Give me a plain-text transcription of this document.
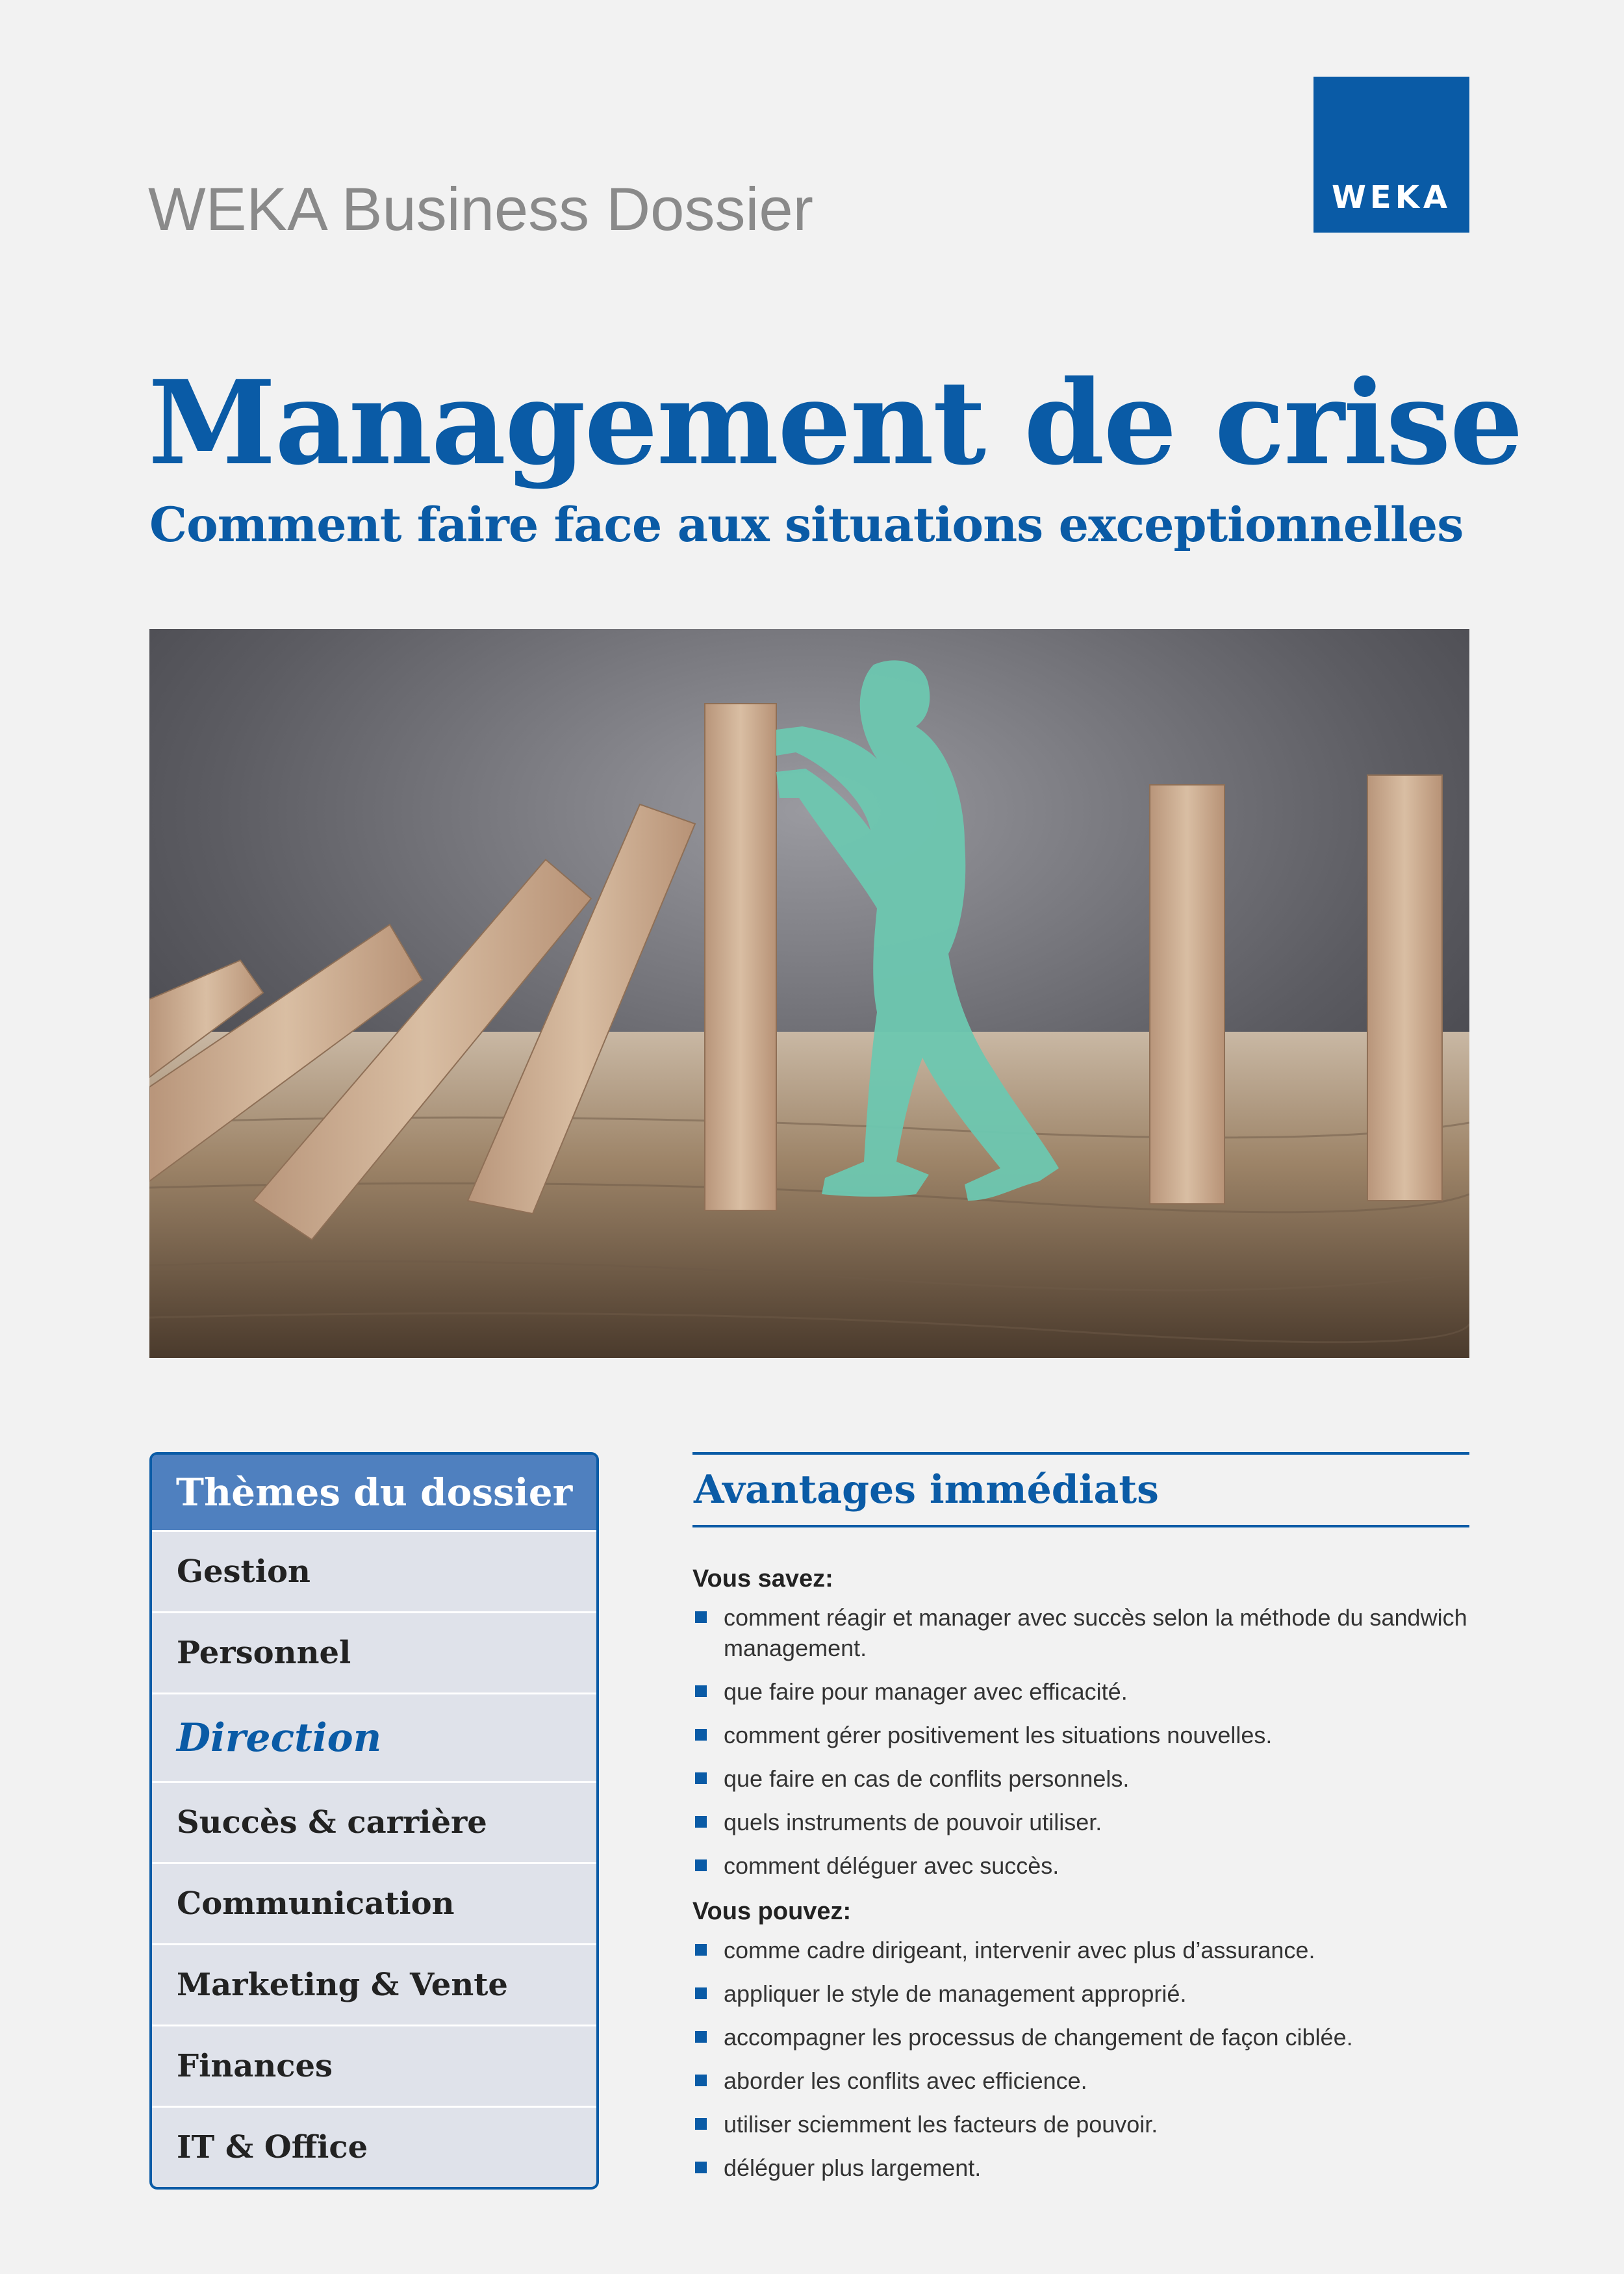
WEKA Business Dossier	WEKA
Management de crise
Comment faire face aux situations exceptionnelles
Thèmes du dossier
Gestion
Personnel
Direction
Succès & carrière
Communication
Marketing & Vente
Finances
IT & Office
Avantages immédiats
Vous savez:
comment réagir et manager avec succès selon la méthode du sandwich management.
que faire pour manager avec efficacité.
comment gérer positivement les situations nouvelles.
que faire en cas de conflits personnels.
quels instruments de pouvoir utiliser.
comment déléguer avec succès.
Vous pouvez:
comme cadre dirigeant, intervenir avec plus d’assurance.
appliquer le style de management approprié.
accompagner les processus de changement de façon ciblée.
aborder les conflits avec efficience.
utiliser sciemment les facteurs de pouvoir.
déléguer plus largement.
